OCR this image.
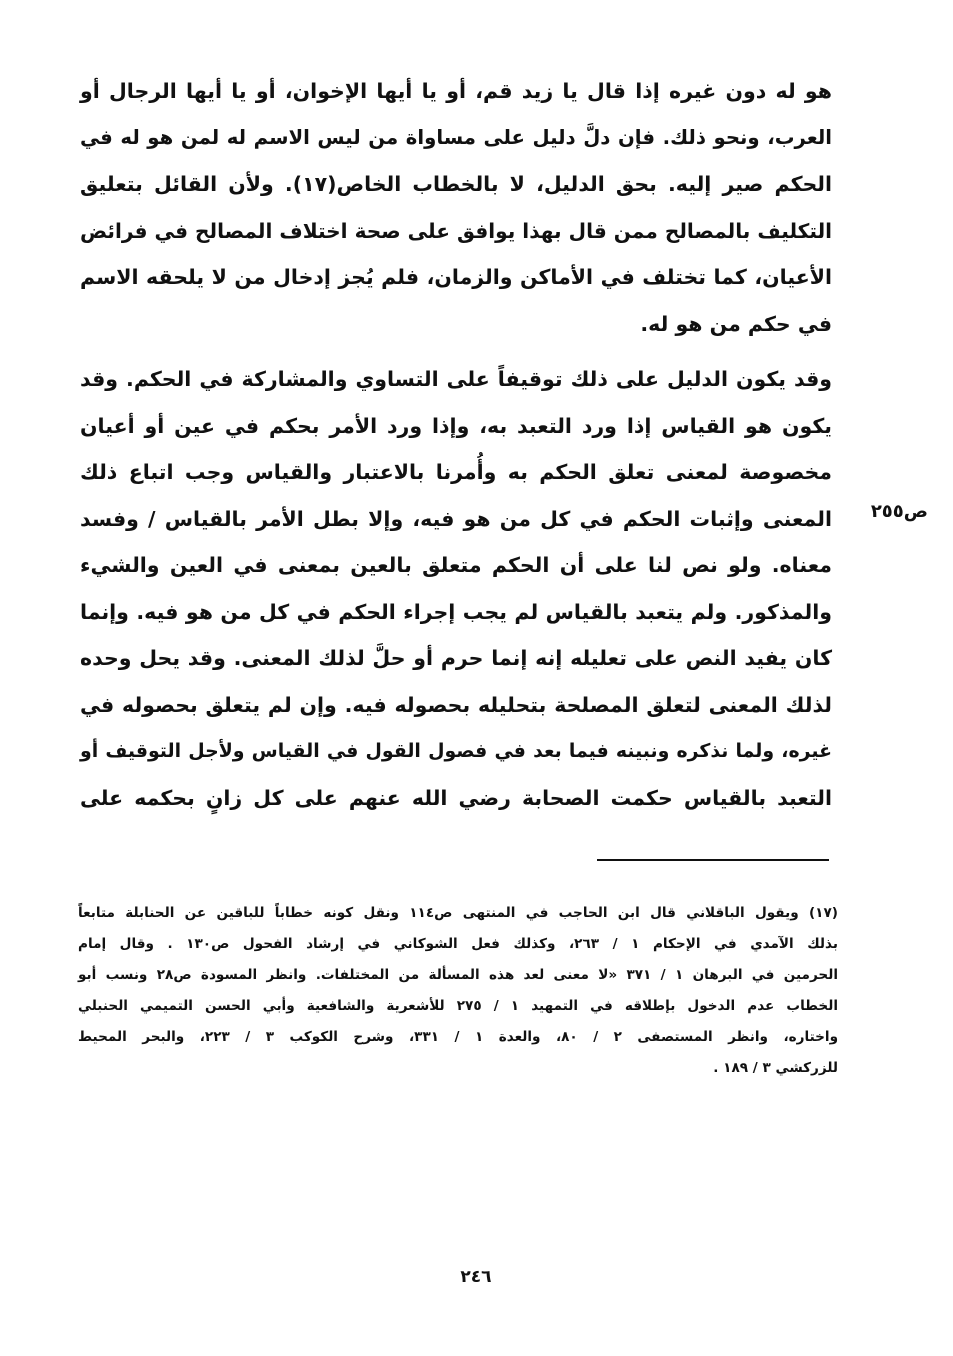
هو له دون غيره إذا قال يا زيد قم، أو يا أيها الإخوان، أو يا أيها الرجال أو
العرب، ونحو ذلك. فإن دلَّ دليل على مساواة من ليس الاسم له لمن هو له في
الحكم صير إليه. بحق الدليل، لا بالخطاب الخاص(١٧). ولأن القائل بتعليق
التكليف بالمصالح ممن قال بهذا يوافق على صحة اختلاف المصالح في فرائض
الأعيان، كما تختلف في الأماكن والزمان، فلم يُجز إدخال من لا يلحقه الاسم
في حكم من هو له.
وقد يكون الدليل على ذلك توقيفاً على التساوي والمشاركة في الحكم. وقد
يكون هو القياس إذا ورد التعبد به، وإذا ورد الأمر بحكم في عين أو أعيان
مخصوصة لمعنى تعلق الحكم به وأُمرنا بالاعتبار والقياس وجب اتباع ذلك
المعنى وإثبات الحكم في كل من هو فيه، وإلا بطل الأمر بالقياس / وفسد
معناه. ولو نص لنا على أن الحكم متعلق بالعين بمعنى في العين والشيء
والمذكور. ولم يتعبد بالقياس لم يجب إجراء الحكم في كل من هو فيه. وإنما
كان يفيد النص على تعليله إنه إنما حرم أو حلَّ لذلك المعنى. وقد يحل وحده
لذلك المعنى لتعلق المصلحة بتحليله بحصوله فيه. وإن لم يتعلق بحصوله في
غيره، ولما نذكره ونبينه فيما بعد في فصول القول في القياس ولأجل التوقيف أو
التعبد بالقياس حكمت الصحابة رضي الله عنهم على كل زانٍ بحكمه على
ص٢٥٥
(١٧) ويقول الباقلاني قال ابن الحاجب في المنتهى ص١١٤ ونقل كونه خطاباً للباقين عن الحنابلة متابعاً
بذلك الآمدي في الإحكام ١ / ٢٦٣، وكذلك فعل الشوكاني في إرشاد الفحول ص١٣٠ . وقال إمام
الحرمين في البرهان ١ / ٣٧١ «لا معنى لعد هذه المسألة من المختلفات. وانظر المسودة ص٢٨ ونسب أبو
الخطاب عدم الدخول بإطلاقه في التمهيد ١ / ٢٧٥ للأشعرية والشافعية وأبي الحسن التميمي الحنبلي
واختاره، وانظر المستصفى ٢ / ٨٠، والعدة ١ / ٣٣١، وشرح الكوكب ٣ / ٢٢٣، والبحر المحيط
للزركشي ٣ / ١٨٩ .
٢٤٦
